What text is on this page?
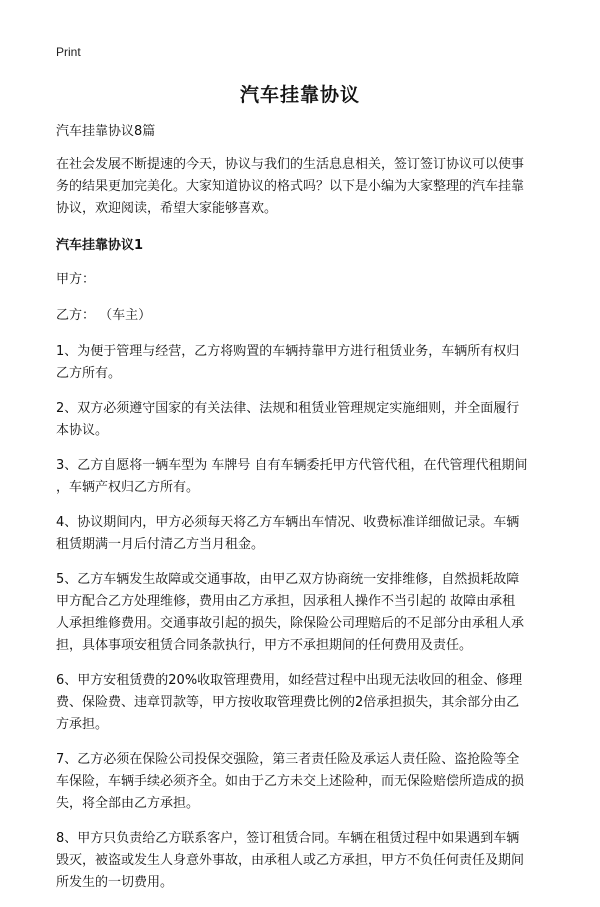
Print
汽车挂靠协议

汽车挂靠协议8篇

在社会发展不断提速的今天，协议与我们的生活息息相关，签订签订协议可以使事
务的结果更加完美化。大家知道协议的格式吗？以下是小编为大家整理的汽车挂靠
协议，欢迎阅读，希望大家能够喜欢。

汽车挂靠协议1

甲方：

乙方： （车主）

1、为便于管理与经营，乙方将购置的车辆持靠甲方进行租赁业务，车辆所有权归
乙方所有。
2、双方必须遵守国家的有关法律、法规和租赁业管理规定实施细则，并全面履行
本协议。
3、乙方自愿将一辆车型为 车牌号 自有车辆委托甲方代管代租，在代管理代租期间
，车辆产权归乙方所有。
4、协议期间内，甲方必须每天将乙方车辆出车情况、收费标准详细做记录。车辆
租赁期满一月后付清乙方当月租金。
5、乙方车辆发生故障或交通事故，由甲乙双方协商统一安排维修，自然损耗故障
甲方配合乙方处理维修，费用由乙方承担，因承租人操作不当引起的 故障由承租
人承担维修费用。交通事故引起的损失，除保险公司理赔后的不足部分由承租人承
担，具体事项安租赁合同条款执行，甲方不承担期间的任何费用及责任。
6、甲方安租赁费的20%收取管理费用，如经营过程中出现无法收回的租金、修理
费、保险费、违章罚款等，甲方按收取管理费比例的2倍承担损失，其余部分由乙
方承担。
7、乙方必须在保险公司投保交强险，第三者责任险及承运人责任险、盗抢险等全
车保险，车辆手续必须齐全。如由于乙方未交上述险种，而无保险赔偿所造成的损
失，将全部由乙方承担。
8、甲方只负责给乙方联系客户，签订租赁合同。车辆在租赁过程中如果遇到车辆
毁灭，被盗或发生人身意外事故，由承租人或乙方承担，甲方不负任何责任及期间
所发生的一切费用。
